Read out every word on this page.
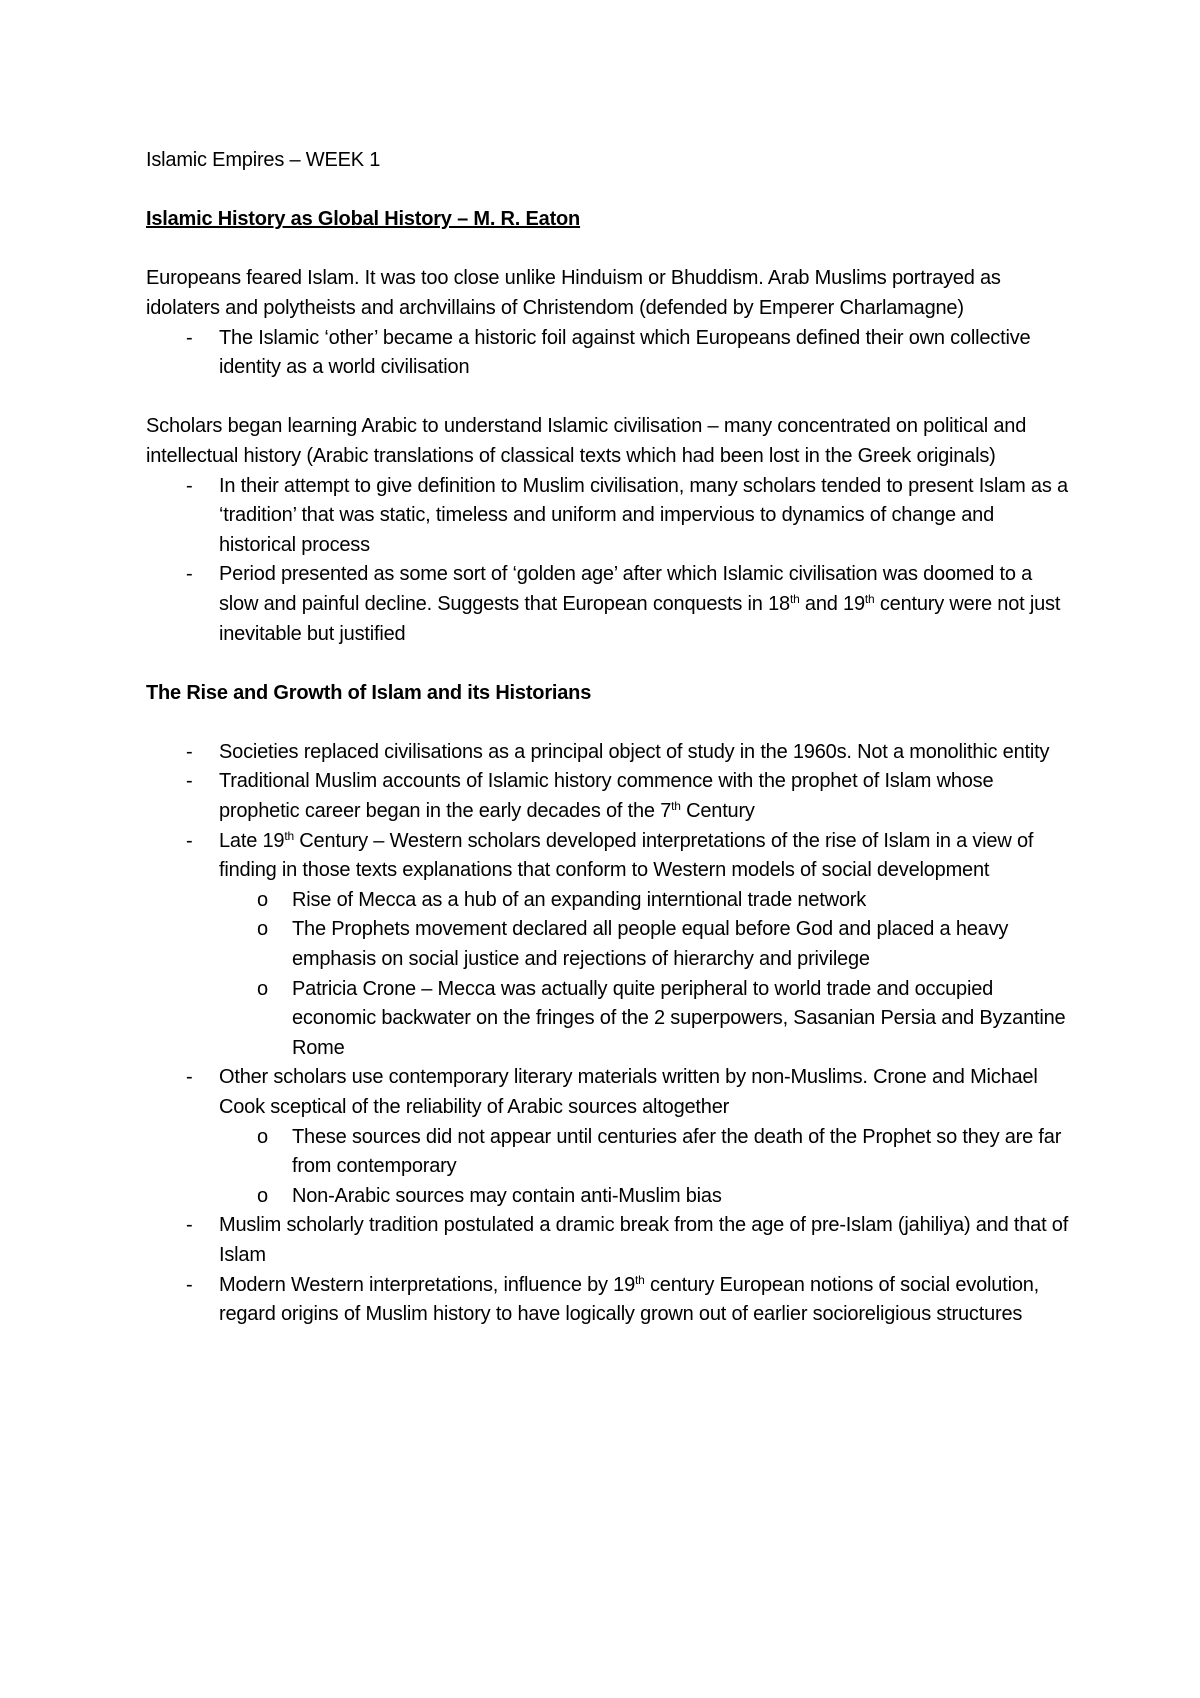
Islamic Empires – WEEK 1

Islamic History as Global History – M. R. Eaton

Europeans feared Islam. It was too close unlike Hinduism or Bhuddism. Arab Muslims portrayed as idolaters and polytheists and archvillains of Christendom (defended by Emperer Charlamagne)

- The Islamic ‘other’ became a historic foil against which Europeans defined their own collective identity as a world civilisation

Scholars began learning Arabic to understand Islamic civilisation – many concentrated on political and intellectual history (Arabic translations of classical texts which had been lost in the Greek originals)

- In their attempt to give definition to Muslim civilisation, many scholars tended to present Islam as a ‘tradition’ that was static, timeless and uniform and impervious to dynamics of change and historical process
- Period presented as some sort of ‘golden age’ after which Islamic civilisation was doomed to a slow and painful decline. Suggests that European conquests in 18th and 19th century were not just inevitable but justified

The Rise and Growth of Islam and its Historians

- Societies replaced civilisations as a principal object of study in the 1960s. Not a monolithic entity
- Traditional Muslim accounts of Islamic history commence with the prophet of Islam whose prophetic career began in the early decades of the 7th Century
- Late 19th Century – Western scholars developed interpretations of the rise of Islam in a view of finding in those texts explanations that conform to Western models of social development
o Rise of Mecca as a hub of an expanding interntional trade network
o The Prophets movement declared all people equal before God and placed a heavy emphasis on social justice and rejections of hierarchy and privilege
o Patricia Crone – Mecca was actually quite peripheral to world trade and occupied economic backwater on the fringes of the 2 superpowers, Sasanian Persia and Byzantine Rome
- Other scholars use contemporary literary materials written by non-Muslims. Crone and Michael Cook sceptical of the reliability of Arabic sources altogether
o These sources did not appear until centuries afer the death of the Prophet so they are far from contemporary
o Non-Arabic sources may contain anti-Muslim bias
- Muslim scholarly tradition postulated a dramic break from the age of pre-Islam (jahiliya) and that of Islam
- Modern Western interpretations, influence by 19th century European notions of social evolution, regard origins of Muslim history to have logically grown out of earlier socioreligious structures
